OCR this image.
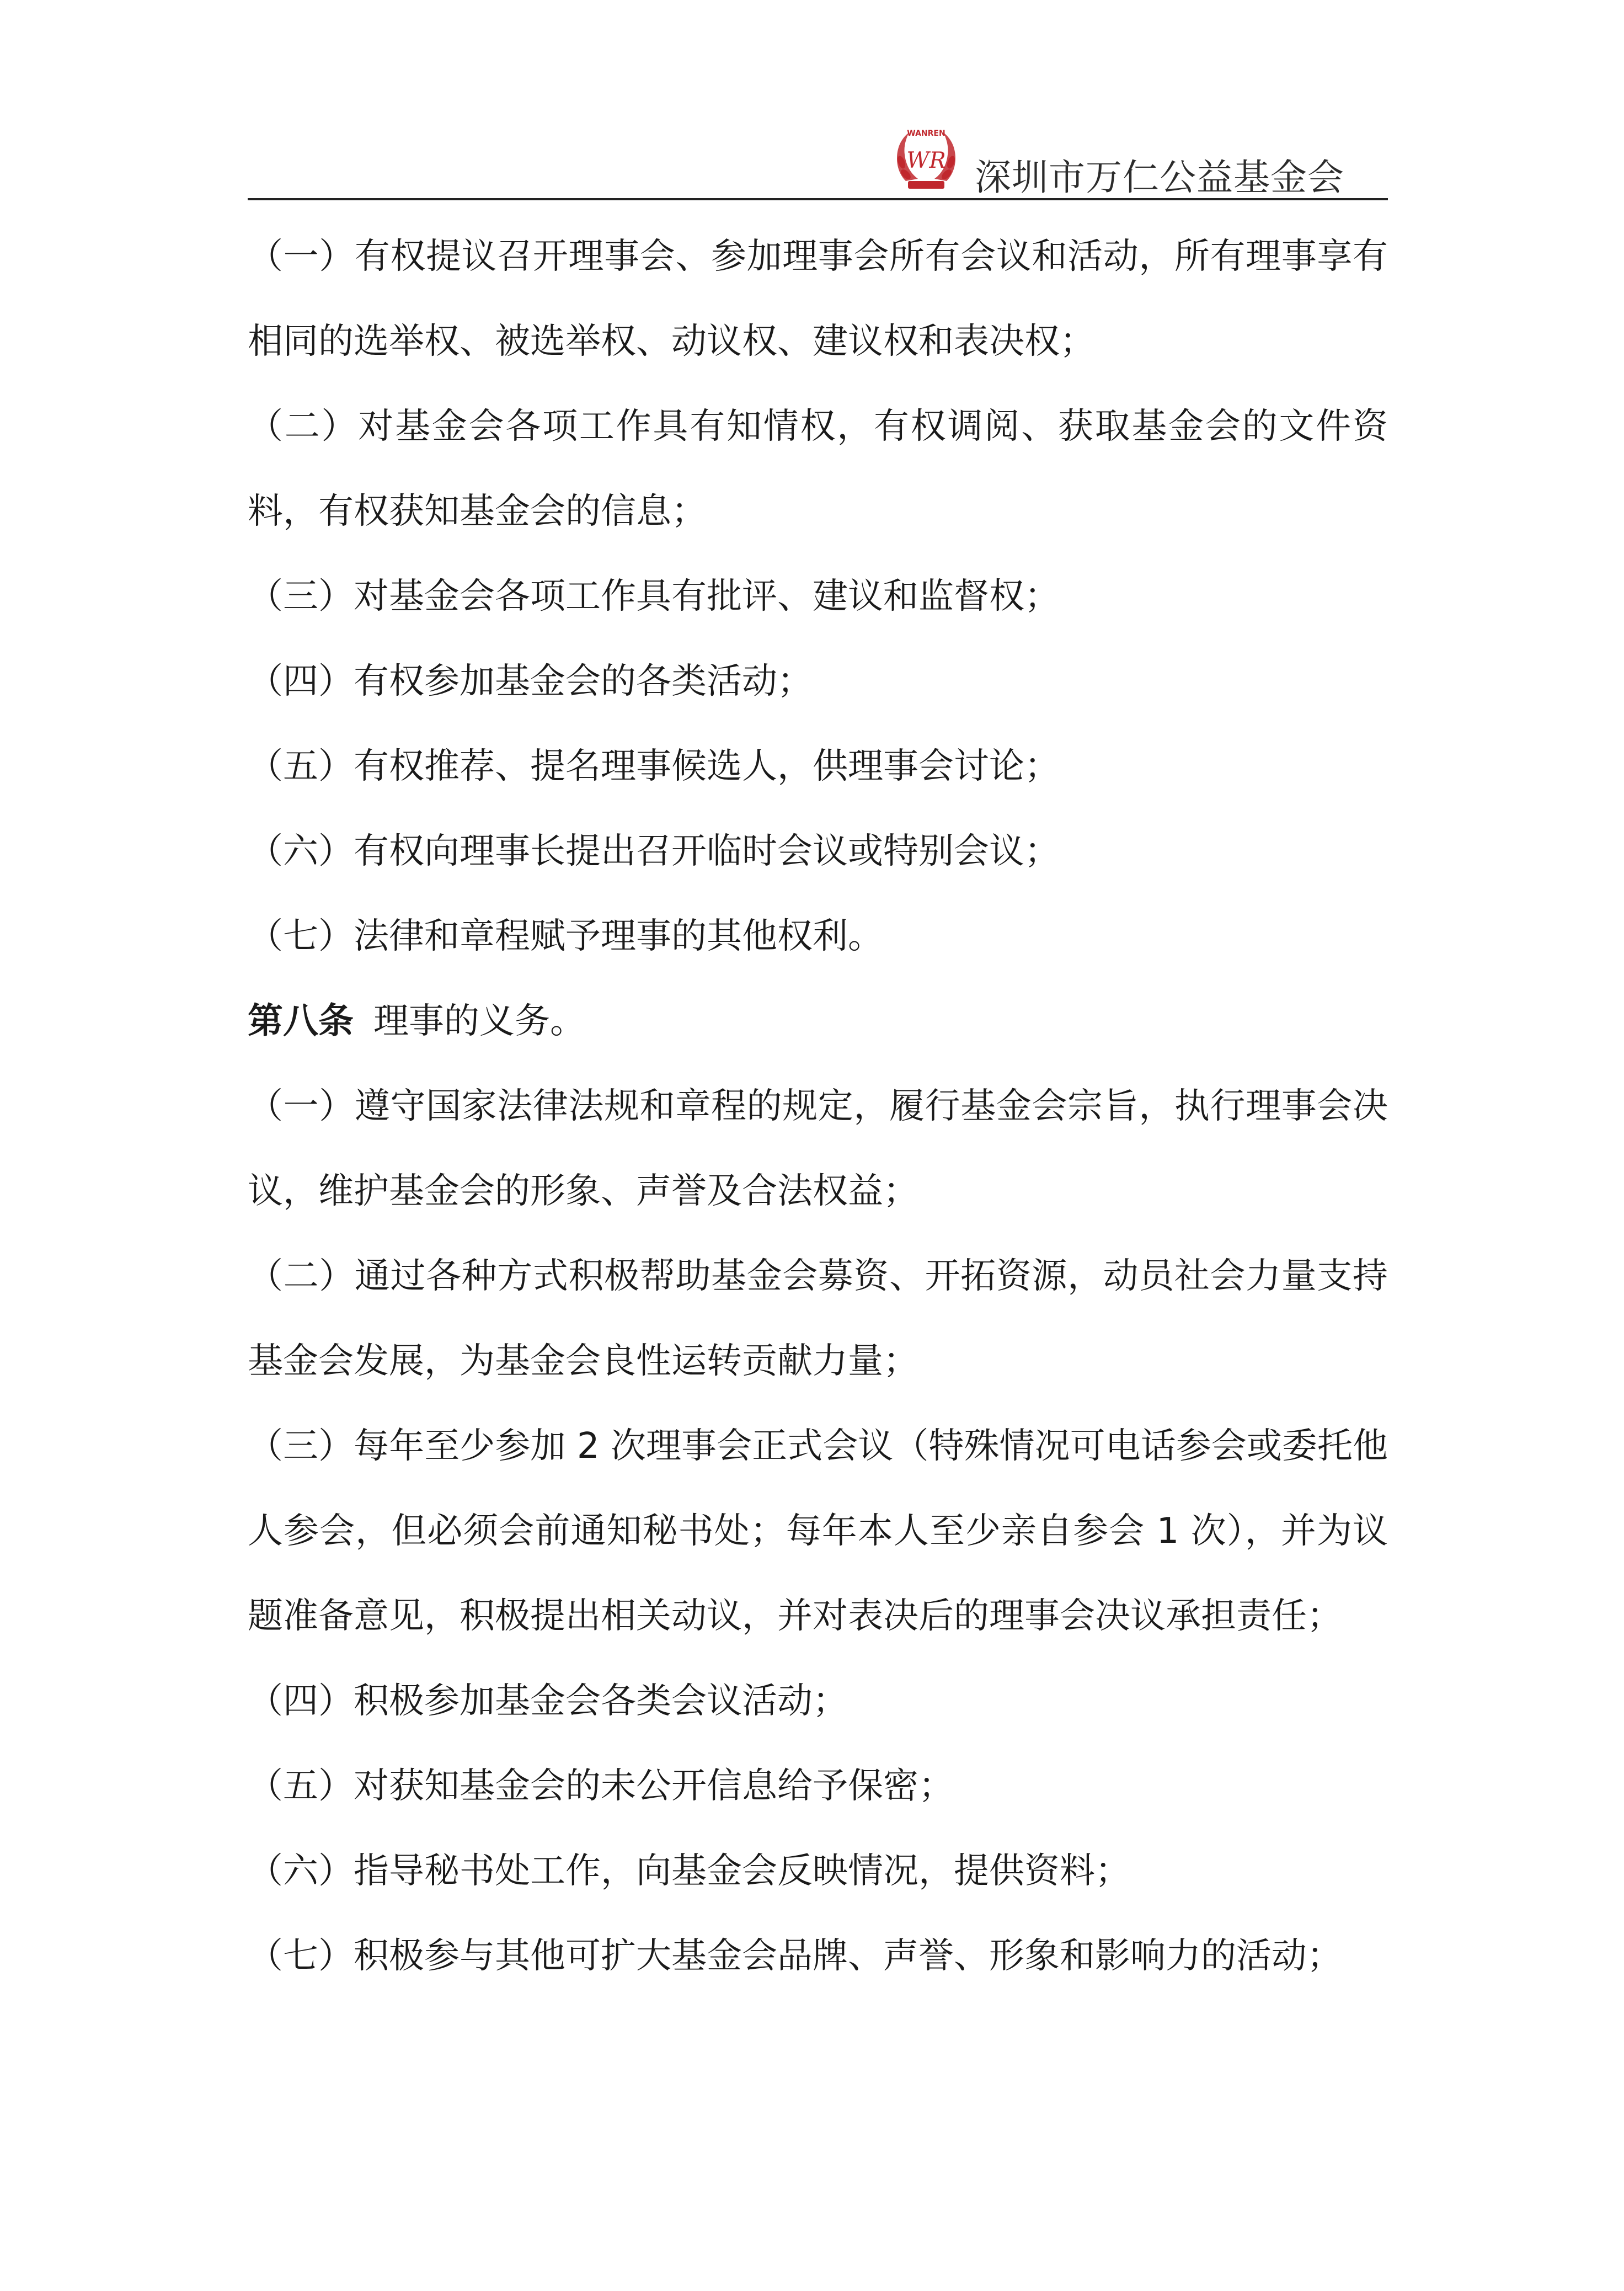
WANREN
WR 深圳市万仁公益基金会

（一）有权提议召开理事会、参加理事会所有会议和活动，所有理事享有相同的选举权、被选举权、动议权、建议权和表决权；

（二）对基金会各项工作具有知情权，有权调阅、获取基金会的文件资料，有权获知基金会的信息；

（三）对基金会各项工作具有批评、建议和监督权；

（四）有权参加基金会的各类活动；

（五）有权推荐、提名理事候选人，供理事会讨论；

（六）有权向理事长提出召开临时会议或特别会议；

（七）法律和章程赋予理事的其他权利。

第八条 理事的义务。

（一）遵守国家法律法规和章程的规定，履行基金会宗旨，执行理事会决议，维护基金会的形象、声誉及合法权益；

（二）通过各种方式积极帮助基金会募资、开拓资源，动员社会力量支持基金会发展，为基金会良性运转贡献力量；

（三）每年至少参加 2 次理事会正式会议（特殊情况可电话参会或委托他人参会，但必须会前通知秘书处；每年本人至少亲自参会 1 次），并为议题准备意见，积极提出相关动议，并对表决后的理事会决议承担责任；

（四）积极参加基金会各类会议活动；

（五）对获知基金会的未公开信息给予保密；

（六）指导秘书处工作，向基金会反映情况，提供资料；

（七）积极参与其他可扩大基金会品牌、声誉、形象和影响力的活动；
